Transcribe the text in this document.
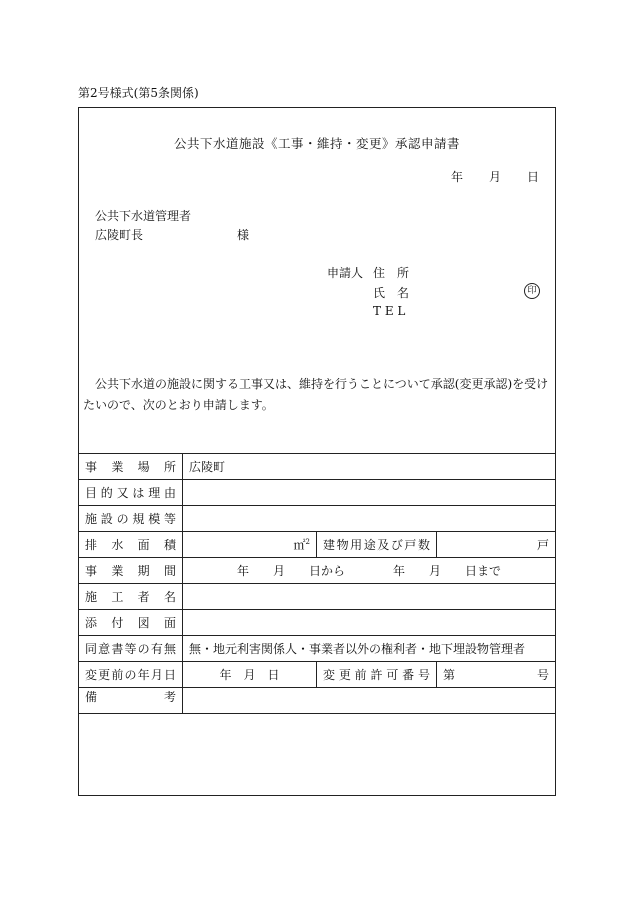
第2号様式(第5条関係)
公共下水道施設《工事・維持・変更》承認申請書
年 月 日
公共下水道管理者
広陵町長	様
申請人 住　所
氏　名
T E L
印

公共下水道の施設に関する工事又は、維持を行うことについて承認(変更承認)を受けたいので、次のとおり申請します。

事業場所	広陵町		
目的又は理由			
施設の規模等			
排水面積	㎡$^2$	建物用途及び戸数	戸
事業期間	年　　月　　日から　　　　年　　月　　日まで		
施工者名			
添付図面			
同意書等の有無	無・地元利害関係人・事業者以外の権利者・地下埋設物管理者		
変更前の年月日	年　月　日	変更前許可番号	第 号

備考			
